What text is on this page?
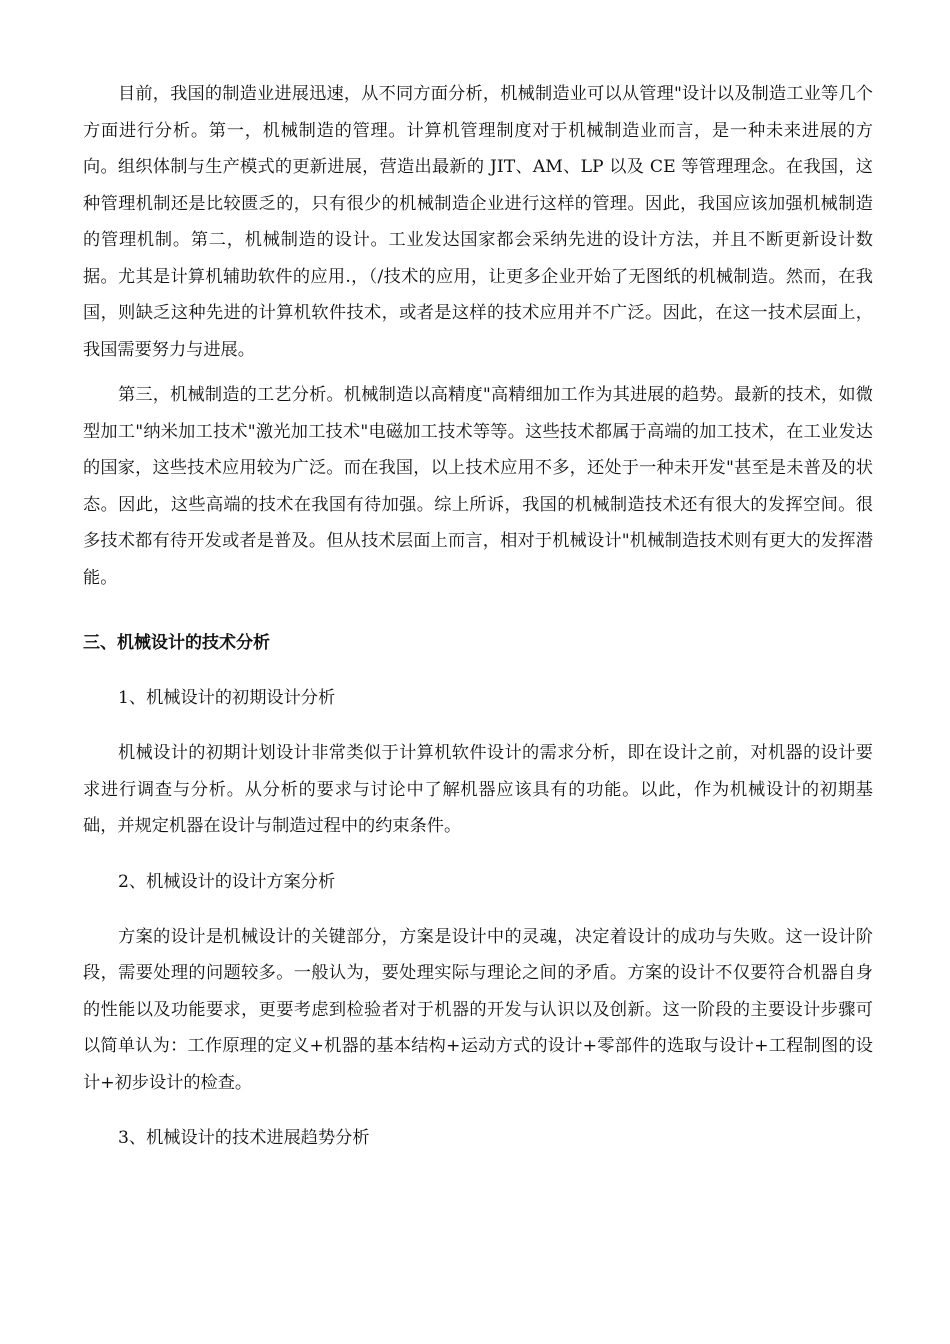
目前，我国的制造业进展迅速，从不同方面分析，机械制造业可以从管理"设计以及制造工业等几个方面进行分析。第一，机械制造的管理。计算机管理制度对于机械制造业而言，是一种未来进展的方向。组织体制与生产模式的更新进展，营造出最新的 JIT、AM、LP 以及 CE 等管理理念。在我国，这种管理机制还是比较匮乏的，只有很少的机械制造企业进行这样的管理。因此，我国应该加强机械制造的管理机制。第二，机械制造的设计。工业发达国家都会采纳先进的设计方法，并且不断更新设计数据。尤其是计算机辅助软件的应用.，（/技术的应用，让更多企业开始了无图纸的机械制造。然而，在我国，则缺乏这种先进的计算机软件技术，或者是这样的技术应用并不广泛。因此，在这一技术层面上，我国需要努力与进展。

第三，机械制造的工艺分析。机械制造以高精度"高精细加工作为其进展的趋势。最新的技术，如微型加工"纳米加工技术"激光加工技术"电磁加工技术等等。这些技术都属于高端的加工技术，在工业发达的国家，这些技术应用较为广泛。而在我国，以上技术应用不多，还处于一种未开发"甚至是未普及的状态。因此，这些高端的技术在我国有待加强。综上所诉，我国的机械制造技术还有很大的发挥空间。很多技术都有待开发或者是普及。但从技术层面上而言，相对于机械设计"机械制造技术则有更大的发挥潜能。

三、机械设计的技术分析

1、机械设计的初期设计分析

机械设计的初期计划设计非常类似于计算机软件设计的需求分析，即在设计之前，对机器的设计要求进行调查与分析。从分析的要求与讨论中了解机器应该具有的功能。以此，作为机械设计的初期基础，并规定机器在设计与制造过程中的约束条件。

2、机械设计的设计方案分析

方案的设计是机械设计的关键部分，方案是设计中的灵魂，决定着设计的成功与失败。这一设计阶段，需要处理的问题较多。一般认为，要处理实际与理论之间的矛盾。方案的设计不仅要符合机器自身的性能以及功能要求，更要考虑到检验者对于机器的开发与认识以及创新。这一阶段的主要设计步骤可以简单认为：工作原理的定义+机器的基本结构+运动方式的设计+零部件的选取与设计+工程制图的设计+初步设计的检查。

3、机械设计的技术进展趋势分析
